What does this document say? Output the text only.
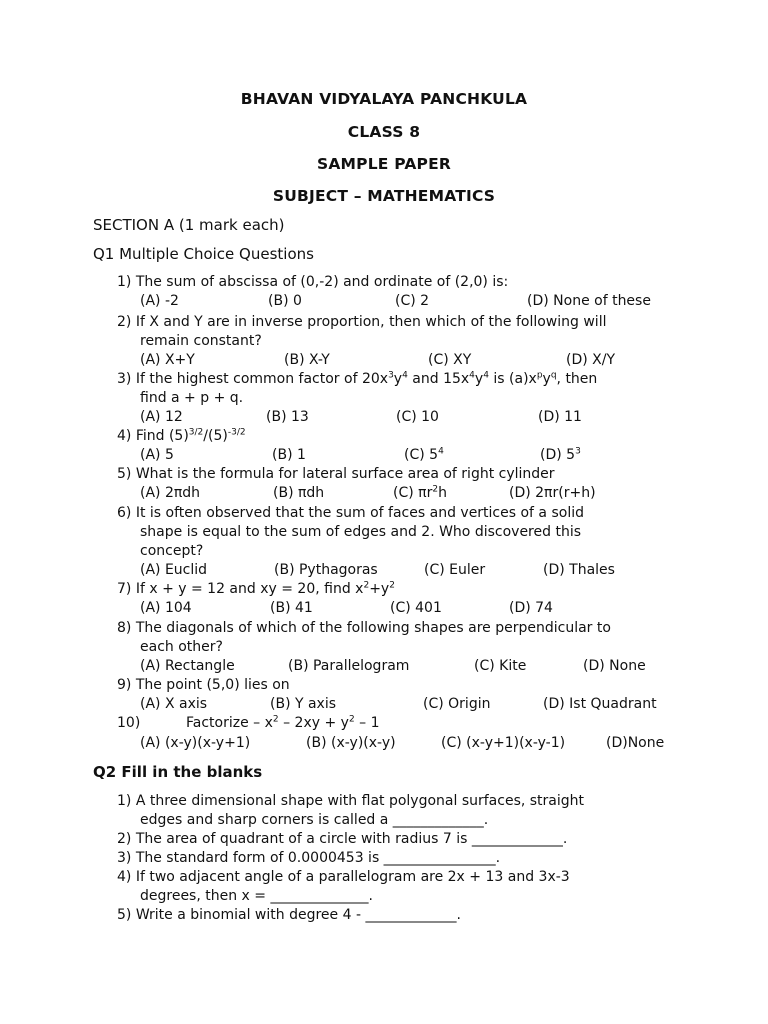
BHAVAN VIDYALAYA PANCHKULA
CLASS 8
SAMPLE PAPER
SUBJECT – MATHEMATICS
SECTION A (1 mark each)
Q1 Multiple Choice Questions
1) The sum of abscissa of (0,-2) and ordinate of (2,0) is:
(A) -2	(B) 0	(C) 2	(D) None of these
2) If X and Y are in inverse proportion, then which of the following will
remain constant?
(A) X+Y	(B) X-Y	(C) XY	(D) X/Y
3) If the highest common factor of $20x^3y^4$ and $15x^4y^4$ is $(a)x^py^q$, then
find a + p + q.
(A) 12	(B) 13	(C) 10	(D) 11
4) Find $(5)^{3/2}/(5)^{-3/2}$
(A) 5	(B) 1	(C) $5^4$	(D) $5^3$
5) What is the formula for lateral surface area of right cylinder
(A) 2πdh	(B) πdh	(C) $\pi r^2h$	(D) 2πr(r+h)
6) It is often observed that the sum of faces and vertices of a solid
shape is equal to the sum of edges and 2. Who discovered this
concept?
(A) Euclid	(B) Pythagoras	(C) Euler	(D) Thales
7) If x + y = 12 and xy = 20, find $x^2+y^2$
(A) 104	(B) 41	(C) 401	(D) 74
8) The diagonals of which of the following shapes are perpendicular to
each other?
(A) Rectangle	(B) Parallelogram	(C) Kite	(D) None
9) The point (5,0) lies on
(A) X axis	(B) Y axis	(C) Origin	(D) Ist Quadrant
10)	Factorize – $x^2 - 2xy + y^2 - 1$
(A) (x-y)(x-y+1)	(B) (x-y)(x-y)	(C) (x-y+1)(x-y-1)	(D)None
Q2 Fill in the blanks
1) A three dimensional shape with flat polygonal surfaces, straight
edges and sharp corners is called a _____________.
2) The area of quadrant of a circle with radius 7 is _____________.
3) The standard form of 0.0000453 is ________________.
4) If two adjacent angle of a parallelogram are 2x + 13 and 3x-3
degrees, then x = ______________.
5) Write a binomial with degree 4 - _____________.
